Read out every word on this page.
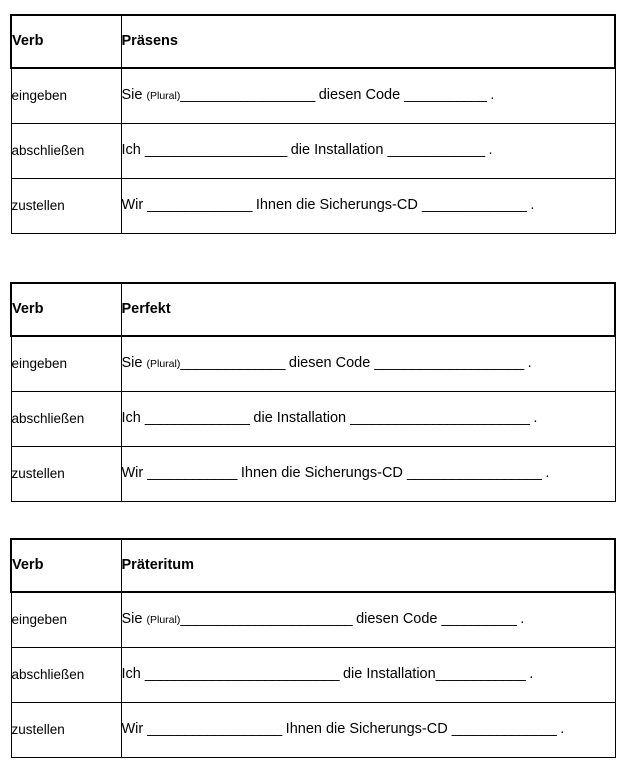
Verb	Präsens
eingeben	Sie (Plural)__________________ diesen Code ___________ .
abschließen	Ich ___________________ die Installation _____________ .
zustellen	Wir ______________ Ihnen die Sicherungs-CD ______________ .
Verb	Perfekt
eingeben	Sie (Plural)______________ diesen Code ____________________ .
abschließen	Ich ______________ die Installation ________________________ .
zustellen	Wir ____________ Ihnen die Sicherungs-CD __________________ .
Verb	Präteritum
eingeben	Sie (Plural)_______________________ diesen Code __________ .
abschließen	Ich __________________________ die Installation____________ .
zustellen	Wir __________________ Ihnen die Sicherungs-CD ______________ .
